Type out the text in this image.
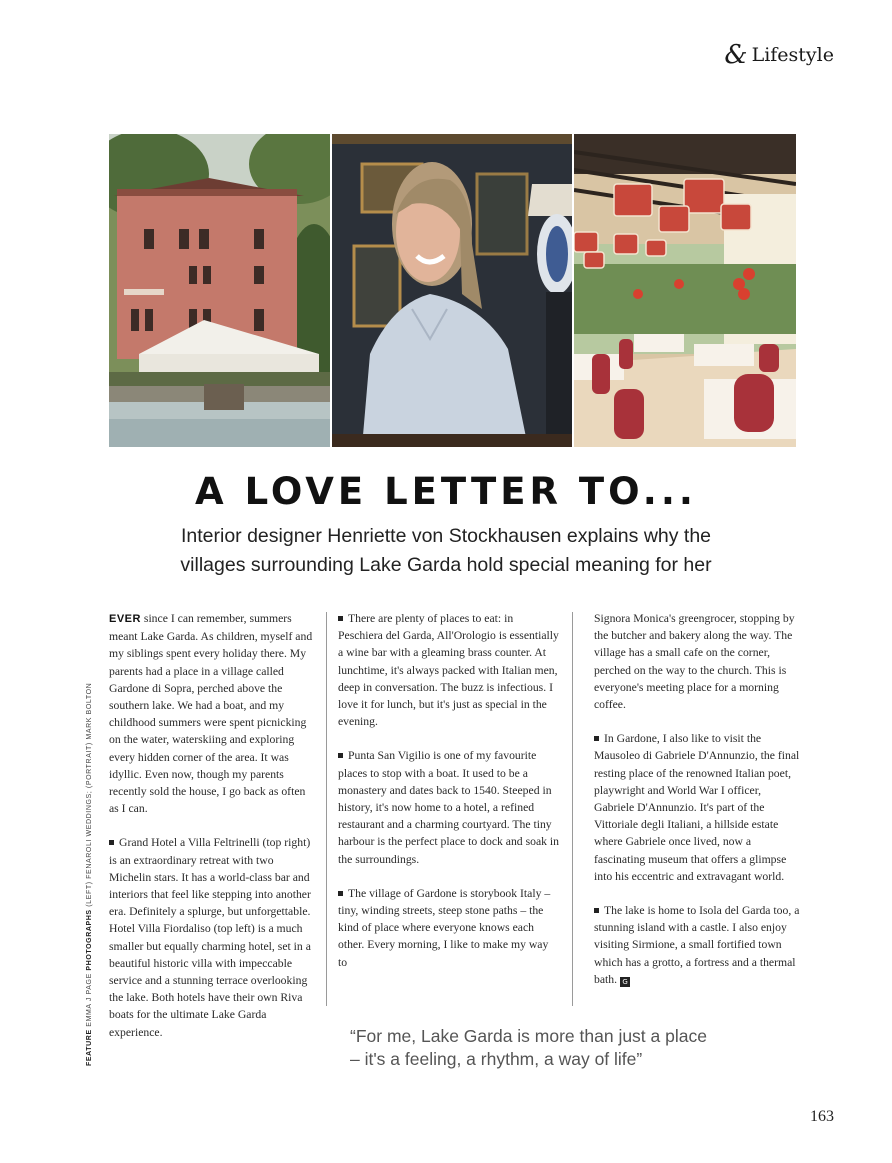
& Lifestyle
A LOVE LETTER TO...
Interior designer Henriette von Stockhausen explains why the
villages surrounding Lake Garda hold special meaning for her
FEATURE EMMA J PAGE PHOTOGRAPHS (LEFT) FENAROLI WEDDINGS; (PORTRAIT) MARK BOLTON

EVER since I can remember, summers meant Lake Garda. As children, myself and my siblings spent every holiday there. My parents had a place in a village called Gardone di Sopra, perched above the southern lake. We had a boat, and my childhood summers were spent picnicking on the water, waterskiing and exploring every hidden corner of the area. It was idyllic. Even now, though my parents recently sold the house, I go back as often as I can.

Grand Hotel a Villa Feltrinelli (top right) is an extraordinary retreat with two Michelin stars. It has a world-class bar and interiors that feel like stepping into another era. Definitely a splurge, but unforgettable. Hotel Villa Fiordaliso (top left) is a much smaller but equally charming hotel, set in a beautiful historic villa with impeccable service and a stunning terrace overlooking the lake. Both hotels have their own Riva boats for the ultimate Lake Garda experience.

There are plenty of places to eat: in Peschiera del Garda, All'Orologio is essentially a wine bar with a gleaming brass counter. At lunchtime, it's always packed with Italian men, deep in conversation. The buzz is infectious. I love it for lunch, but it's just as special in the evening.

Punta San Vigilio is one of my favourite places to stop with a boat. It used to be a monastery and dates back to 1540. Steeped in history, it's now home to a hotel, a refined restaurant and a charming courtyard. The tiny harbour is the perfect place to dock and soak in the surroundings.

The village of Gardone is storybook Italy – tiny, winding streets, steep stone paths – the kind of place where everyone knows each other. Every morning, I like to make my way to

Signora Monica's greengrocer, stopping by the butcher and bakery along the way. The village has a small cafe on the corner, perched on the way to the church. This is everyone's meeting place for a morning coffee.

In Gardone, I also like to visit the Mausoleo di Gabriele D'Annunzio, the final resting place of the renowned Italian poet, playwright and World War I officer, Gabriele D'Annunzio. It's part of the Vittoriale degli Italiani, a hillside estate where Gabriele once lived, now a fascinating museum that offers a glimpse into his eccentric and extravagant world.

The lake is home to Isola del Garda too, a stunning island with a castle. I also enjoy visiting Sirmione, a small fortified town which has a grotto, a fortress and a thermal bath. G

“For me, Lake Garda is more than just a place
– it's a feeling, a rhythm, a way of life”
163
